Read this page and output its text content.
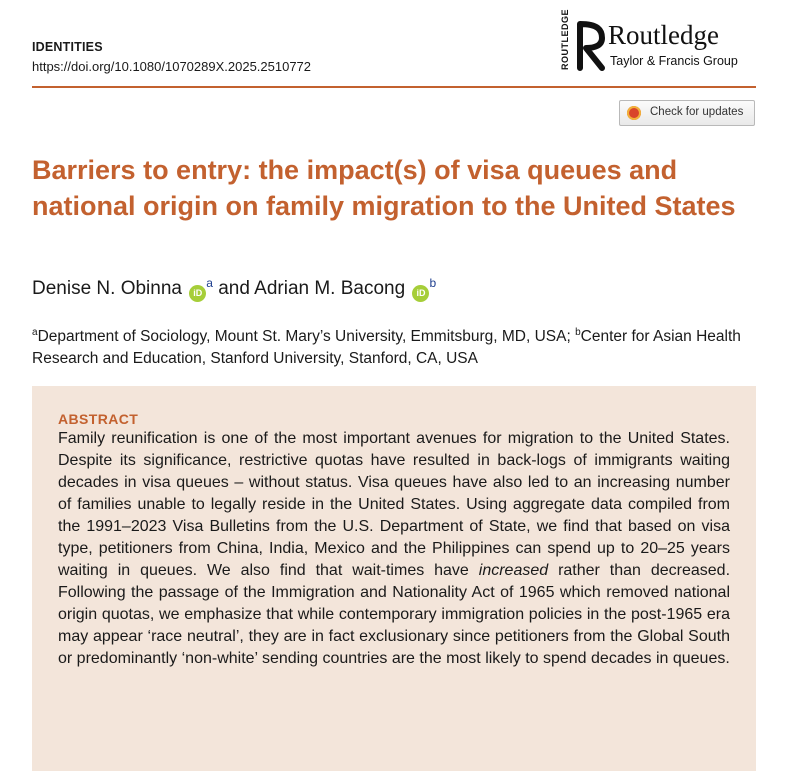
IDENTITIES
https://doi.org/10.1080/1070289X.2025.2510772	ROUTLEDGE Routledge
Taylor & Francis Group
Check for updates
Barriers to entry: the impact(s) of visa queues and national origin on family migration to the United States
Denise N. Obinna iD$^a$ and Adrian M. Bacong iD$^b$
$^a$Department of Sociology, Mount St. Mary’s University, Emmitsburg, MD, USA; $^b$Center for Asian Health Research and Education, Stanford University, Stanford, CA, USA
ABSTRACT
Family reunification is one of the most important avenues for migration to the United States. Despite its significance, restrictive quotas have resulted in back-logs of immigrants waiting decades in visa queues – without status. Visa queues have also led to an increasing number of families unable to legally reside in the United States. Using aggregate data compiled from the 1991–2023 Visa Bulletins from the U.S. Department of State, we find that based on visa type, petitioners from China, India, Mexico and the Philippines can spend up to 20–25 years waiting in queues. We also find that wait-times have increased rather than decreased. Following the passage of the Immigration and Nationality Act of 1965 which removed national origin quotas, we emphasize that while contemporary immigration policies in the post-1965 era may appear ‘race neutral’, they are in fact exclusionary since petitioners from the Global South or predominantly ‘non-white’ sending countries are the most likely to spend decades in queues.
